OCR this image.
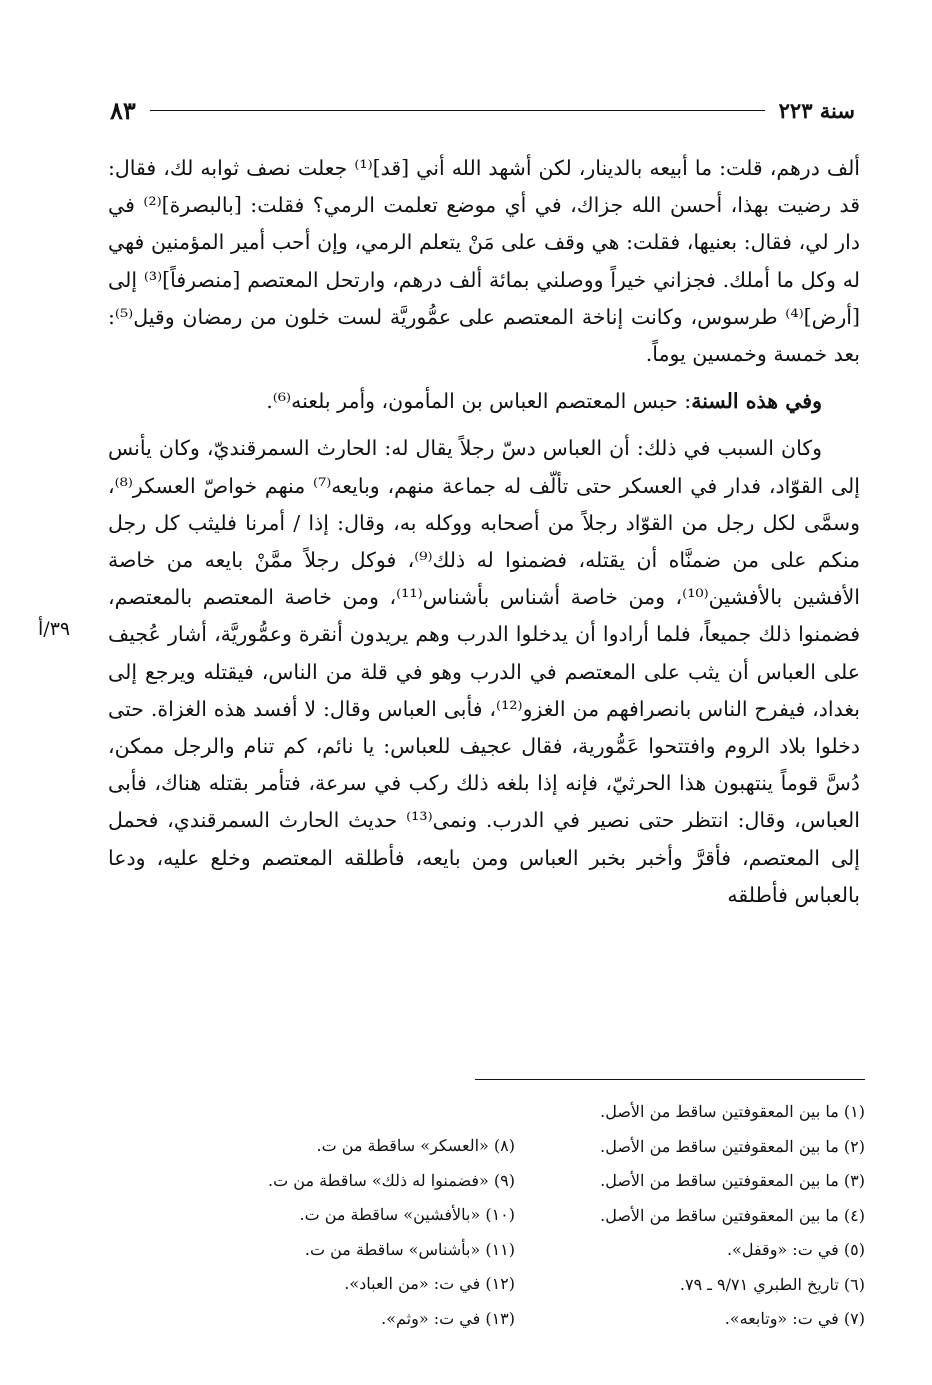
سنة ٢٢٣
٨٣

ألف درهم، قلت: ما أبيعه بالدينار، لكن أشهد الله أني [قد]⁽¹⁾ جعلت نصف ثوابه لك، فقال: قد رضيت بهذا، أحسن الله جزاك، في أي موضع تعلمت الرمي؟ فقلت: [بالبصرة]⁽²⁾ في دار لي، فقال: بعنيها، فقلت: هي وقف على مَنْ يتعلم الرمي، وإن أحب أمير المؤمنين فهي له وكل ما أملك. فجزاني خيراً ووصلني بمائة ألف درهم، وارتحل المعتصم [منصرفاً]⁽³⁾ إلى [أرض]⁽⁴⁾ طرسوس، وكانت إناخة المعتصم على عمُّوريَّة لست خلون من رمضان وقيل⁽⁵⁾: بعد خمسة وخمسين يوماً.

وفي هذه السنة: حبس المعتصم العباس بن المأمون، وأمر بلعنه⁽⁶⁾.

وكان السبب في ذلك: أن العباس دسّ رجلاً يقال له: الحارث السمرقنديّ، وكان يأنس إلى القوّاد، فدار في العسكر حتى تألّف له جماعة منهم، وبايعه⁽⁷⁾ منهم خواصّ العسكر⁽⁸⁾، وسمَّى لكل رجل من القوّاد رجلاً من أصحابه ووكله به، وقال: إذا / أمرنا فليثب كل رجل منكم على من ضمنَّاه أن يقتله، فضمنوا له ذلك⁽⁹⁾، فوكل رجلاً ممَّنْ بايعه من خاصة الأفشين بالأفشين⁽¹⁰⁾، ومن خاصة أشناس بأشناس⁽¹¹⁾، ومن خاصة المعتصم بالمعتصم، فضمنوا ذلك جميعاً، فلما أرادوا أن يدخلوا الدرب وهم يريدون أنقرة وعمُّوريَّة، أشار عُجيف على العباس أن يثب على المعتصم في الدرب وهو في قلة من الناس، فيقتله ويرجع إلى بغداد، فيفرح الناس بانصرافهم من الغزو⁽¹²⁾، فأبى العباس وقال: لا أفسد هذه الغزاة. حتى دخلوا بلاد الروم وافتتحوا عَمُّورية، فقال عجيف للعباس: يا نائم، كم تنام والرجل ممكن، دُسَّ قوماً ينتهبون هذا الحرثيّ، فإنه إذا بلغه ذلك ركب في سرعة، فتأمر بقتله هناك، فأبى العباس، وقال: انتظر حتى نصير في الدرب. ونمى⁽¹³⁾ حديث الحارث السمرقندي، فحمل إلى المعتصم، فأقرَّ وأخبر بخبر العباس ومن بايعه، فأطلقه المعتصم وخلع عليه، ودعا بالعباس فأطلقه

٣٩/أ
(١) ما بين المعقوفتين ساقط من الأصل.
(٢) ما بين المعقوفتين ساقط من الأصل.
(٣) ما بين المعقوفتين ساقط من الأصل.
(٤) ما بين المعقوفتين ساقط من الأصل.
(٥) في ت: «وقفل».
(٦) تاريخ الطبري ٩/٧١ ـ ٧٩.
(٧) في ت: «وتابعه».
(٨) «العسكر» ساقطة من ت.
(٩) «فضمنوا له ذلك» ساقطة من ت.
(١٠) «بالأفشين» ساقطة من ت.
(١١) «بأشناس» ساقطة من ت.
(١٢) في ت: «من العباد».
(١٣) في ت: «وثم».
